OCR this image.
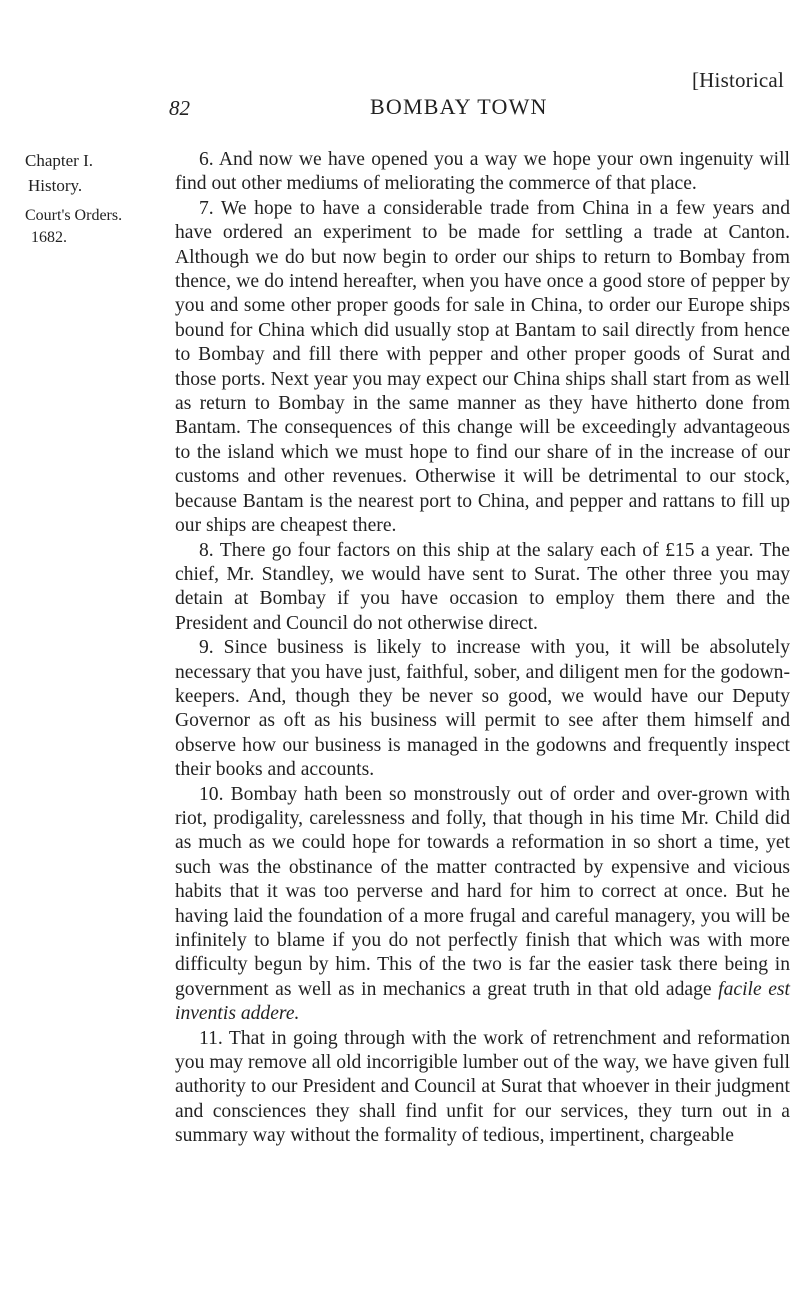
[Historical
82	BOMBAY TOWN
Chapter I.
History.
Court's Orders.
1682.

6. And now we have opened you a way we hope your own ingenuity will find out other mediums of meliorating the commerce of that place.

7. We hope to have a considerable trade from China in a few years and have ordered an experiment to be made for settling a trade at Canton. Although we do but now begin to order our ships to return to Bombay from thence, we do intend hereafter, when you have once a good store of pepper by you and some other proper goods for sale in China, to order our Europe ships bound for China which did usually stop at Bantam to sail directly from hence to Bombay and fill there with pepper and other proper goods of Surat and those ports. Next year you may expect our China ships shall start from as well as return to Bombay in the same manner as they have hitherto done from Bantam. The consequences of this change will be exceedingly advantageous to the island which we must hope to find our share of in the increase of our customs and other revenues. Otherwise it will be detrimental to our stock, because Bantam is the nearest port to China, and pepper and rattans to fill up our ships are cheapest there.

8. There go four factors on this ship at the salary each of £15 a year. The chief, Mr. Standley, we would have sent to Surat. The other three you may detain at Bombay if you have occasion to employ them there and the President and Council do not otherwise direct.

9. Since business is likely to increase with you, it will be absolutely necessary that you have just, faithful, sober, and diligent men for the godown-keepers. And, though they be never so good, we would have our Deputy Governor as oft as his business will permit to see after them himself and observe how our business is managed in the godowns and frequently inspect their books and accounts.

10. Bombay hath been so monstrously out of order and over-grown with riot, prodigality, carelessness and folly, that though in his time Mr. Child did as much as we could hope for towards a reformation in so short a time, yet such was the obstinance of the matter contracted by expensive and vicious habits that it was too perverse and hard for him to correct at once. But he having laid the foundation of a more frugal and careful managery, you will be infinitely to blame if you do not perfectly finish that which was with more difficulty begun by him. This of the two is far the easier task there being in government as well as in mechanics a great truth in that old adage facile est inventis addere.

11. That in going through with the work of retrenchment and reformation you may remove all old incorrigible lumber out of the way, we have given full authority to our President and Council at Surat that whoever in their judgment and consciences they shall find unfit for our services, they turn out in a summary way without the formality of tedious, impertinent, chargeable
